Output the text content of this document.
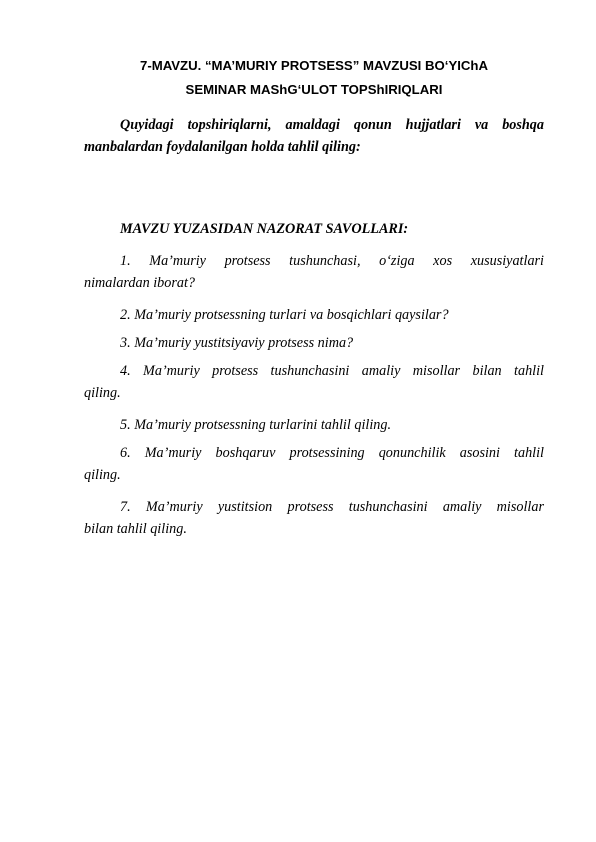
7-MAVZU. “MA’MURIY PROTSESS” MAVZUSI BO‘YIChA
SEMINAR MAShG‘ULOT TOPShIRIQLARI
Quyidagi topshiriqlarni, amaldagi qonun hujjatlari va boshqa
manbalardan foydalanilgan holda tahlil qiling:
MAVZU YUZASIDAN NAZORAT SAVOLLARI:
1. Ma’muriy protsess tushunchasi, o‘ziga xos xususiyatlari
nimalardan iborat?
2. Ma’muriy protsessning turlari va bosqichlari qaysilar?
3. Ma’muriy yustitsiyaviy protsess nima?
4. Ma’muriy protsess tushunchasini amaliy misollar bilan tahlil
qiling.
5. Ma’muriy protsessning turlarini tahlil qiling.
6. Ma’muriy boshqaruv protsessining qonunchilik asosini tahlil
qiling.
7. Ma’muriy yustitsion protsess tushunchasini amaliy misollar
bilan tahlil qiling.
